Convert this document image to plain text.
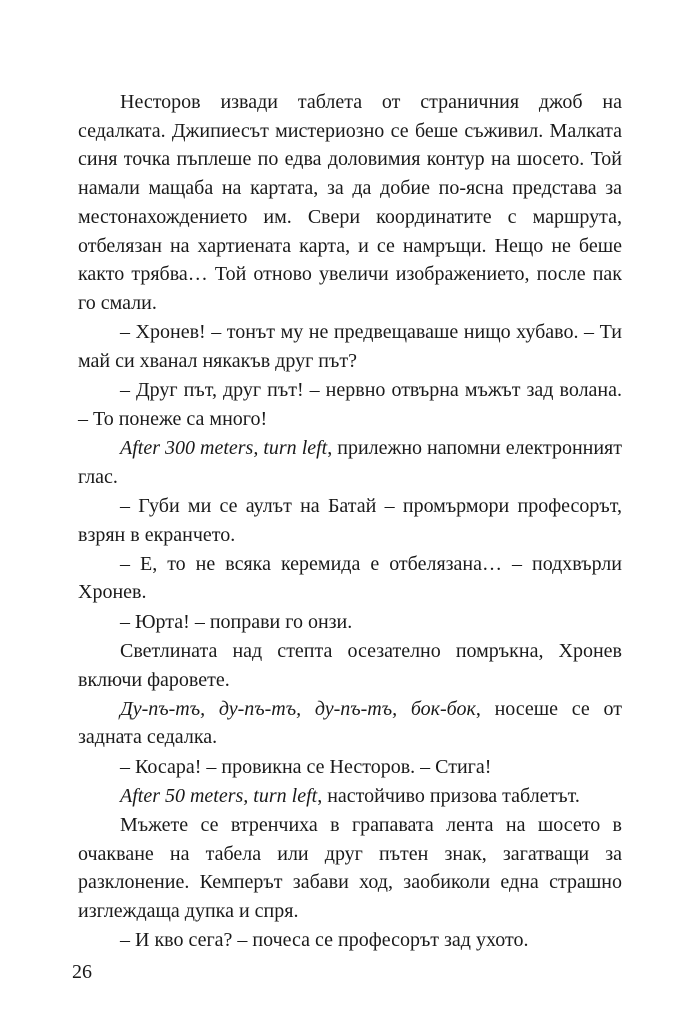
Несторов извади таблета от страничния джоб на седалката. Джипиесът мистериозно се беше съживил. Малката синя точка пъплеше по едва доловимия контур на шосето. Той намали мащаба на картата, за да добие по-ясна представа за местонахождението им. Свери координатите с маршрута, отбелязан на хартиената карта, и се намръщи. Нещо не беше както трябва… Той отново увеличи изображението, после пак го смали.

– Хронев! – тонът му не предвещаваше нищо хубаво. – Ти май си хванал някакъв друг път?

– Друг път, друг път! – нервно отвърна мъжът зад волана. – То понеже са много!

After 300 meters, turn left, прилежно напомни електронният глас.

– Губи ми се аулът на Батай – промърмори професорът, взрян в екранчето.

– Е, то не всяка керемида е отбелязана… – подхвърли Хронев.

– Юрта! – поправи го онзи.

Светлината над степта осезателно помръкна, Хронев включи фаровете.

Ду-пъ-тъ, ду-пъ-тъ, ду-пъ-тъ, бок-бок, носеше се от задната седалка.

– Косара! – провикна се Несторов. – Стига!

After 50 meters, turn left, настойчиво призова таблетът.

Мъжете се втренчиха в грапавата лента на шосето в очакване на табела или друг пътен знак, загатващи за разклонение. Кемперът забави ход, заобиколи една страшно изглеждаща дупка и спря.

– И кво сега? – почеса се професорът зад ухото.

26
